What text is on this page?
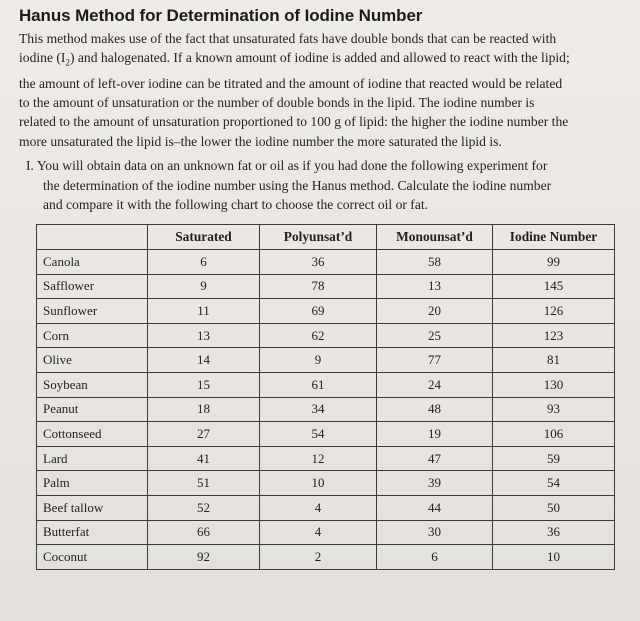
Hanus Method for Determination of Iodine Number
This method makes use of the fact that unsaturated fats have double bonds that can be reacted with
iodine $(I_2)$ and halogenated. If a known amount of iodine is added and allowed to react with the lipid;
the amount of left-over iodine can be titrated and the amount of iodine that reacted would be related
to the amount of unsaturation or the number of double bonds in the lipid. The iodine number is
related to the amount of unsaturation proportioned to 100 g of lipid: the higher the iodine number the
more unsaturated the lipid is–the lower the iodine number the more saturated the lipid is.
I. You will obtain data on an unknown fat or oil as if you had done the following experiment for
the determination of the iodine number using the Hanus method. Calculate the iodine number
and compare it with the following chart to choose the correct oil or fat.
	Saturated	Polyunsat’d	Monounsat’d	Iodine Number
Canola	6	36	58	99
Safflower	9	78	13	145
Sunflower	11	69	20	126
Corn	13	62	25	123
Olive	14	9	77	81
Soybean	15	61	24	130
Peanut	18	34	48	93
Cottonseed	27	54	19	106
Lard	41	12	47	59
Palm	51	10	39	54
Beef tallow	52	4	44	50
Butterfat	66	4	30	36
Coconut	92	2	6	10
